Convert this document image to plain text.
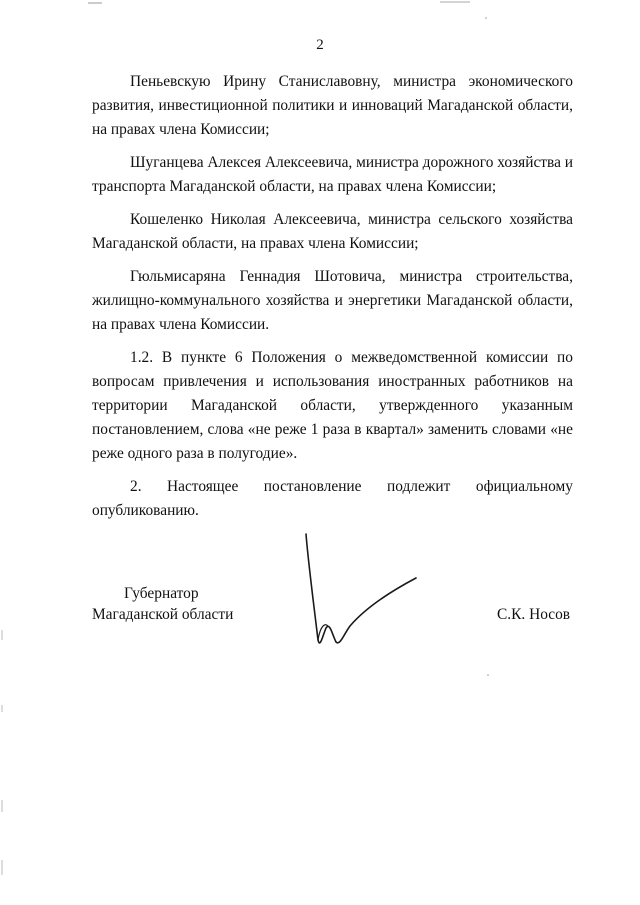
2

Пеньевскую Ирину Станиславовну, министра экономического развития, инвестиционной политики и инноваций Магаданской области, на правах члена Комиссии;

Шуганцева Алексея Алексеевича, министра дорожного хозяйства и транспорта Магаданской области, на правах члена Комиссии;

Кошеленко Николая Алексеевича, министра сельского хозяйства Магаданской области, на правах члена Комиссии;

Гюльмисаряна Геннадия Шотовича, министра строительства, жилищно-коммунального хозяйства и энергетики Магаданской области, на правах члена Комиссии.

1.2. В пункте 6 Положения о межведомственной комиссии по вопросам привлечения и использования иностранных работников на территории Магаданской области, утвержденного указанным постановлением, слова «не реже 1 раза в квартал» заменить словами «не реже одного раза в полугодие».

2. Настоящее постановление подлежит официальному опубликованию.

Губернатор
Магаданской области	С.К. Носов
